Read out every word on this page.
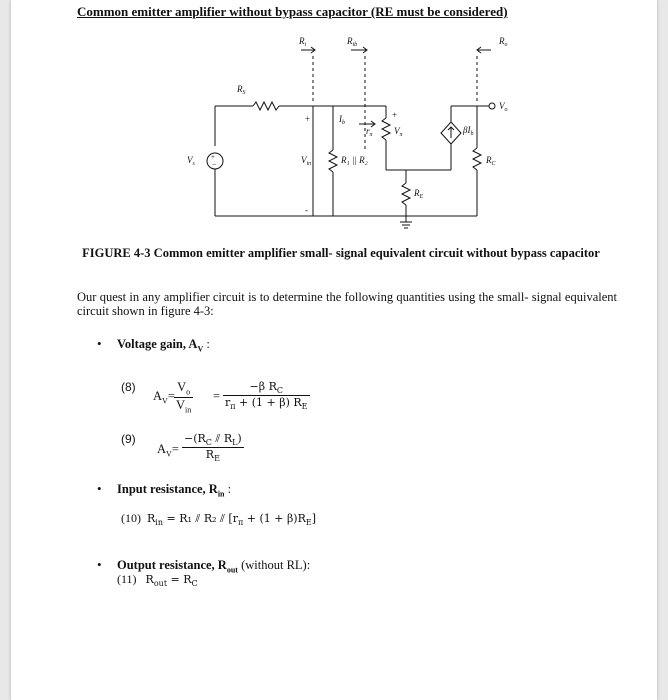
Common emitter amplifier without bypass capacitor (RE must be considered)
+
−
$R_i$	$R_{ib}$	$R_o$
$R_S$
$V_s$
+
-
$V_{in}$	R₁ || R₂
$I_b$
$r_\pi$
+
$V_\pi$	$\beta I_b$
$R_C$
$R_E$
$V_o$
FIGURE 4-3 Common emitter amplifier small- signal equivalent circuit without bypass capacitor
Our quest in any amplifier circuit is to determine the following quantities using the small- signal equivalent circuit shown in figure 4-3:
• Voltage gain, $A_V$ :
(8)
$A_V=$
$V_o$
$V_{in}$
= $\frac{-\beta R_C}{r_\pi + (1 + \beta) R_E}$
(9)
$A_V= \frac{-(R_C ⫽ R_L)}{R_E}$
• Input resistance, $R_{in}$ :
(10) $R_{in} = R_1$ ⫽ R₂ ⫽ $[r_\pi + (1 + \beta)R_E]$
• Output resistance, $R_{out}$ (without RL):
(11) $R_{out} = R_C$
